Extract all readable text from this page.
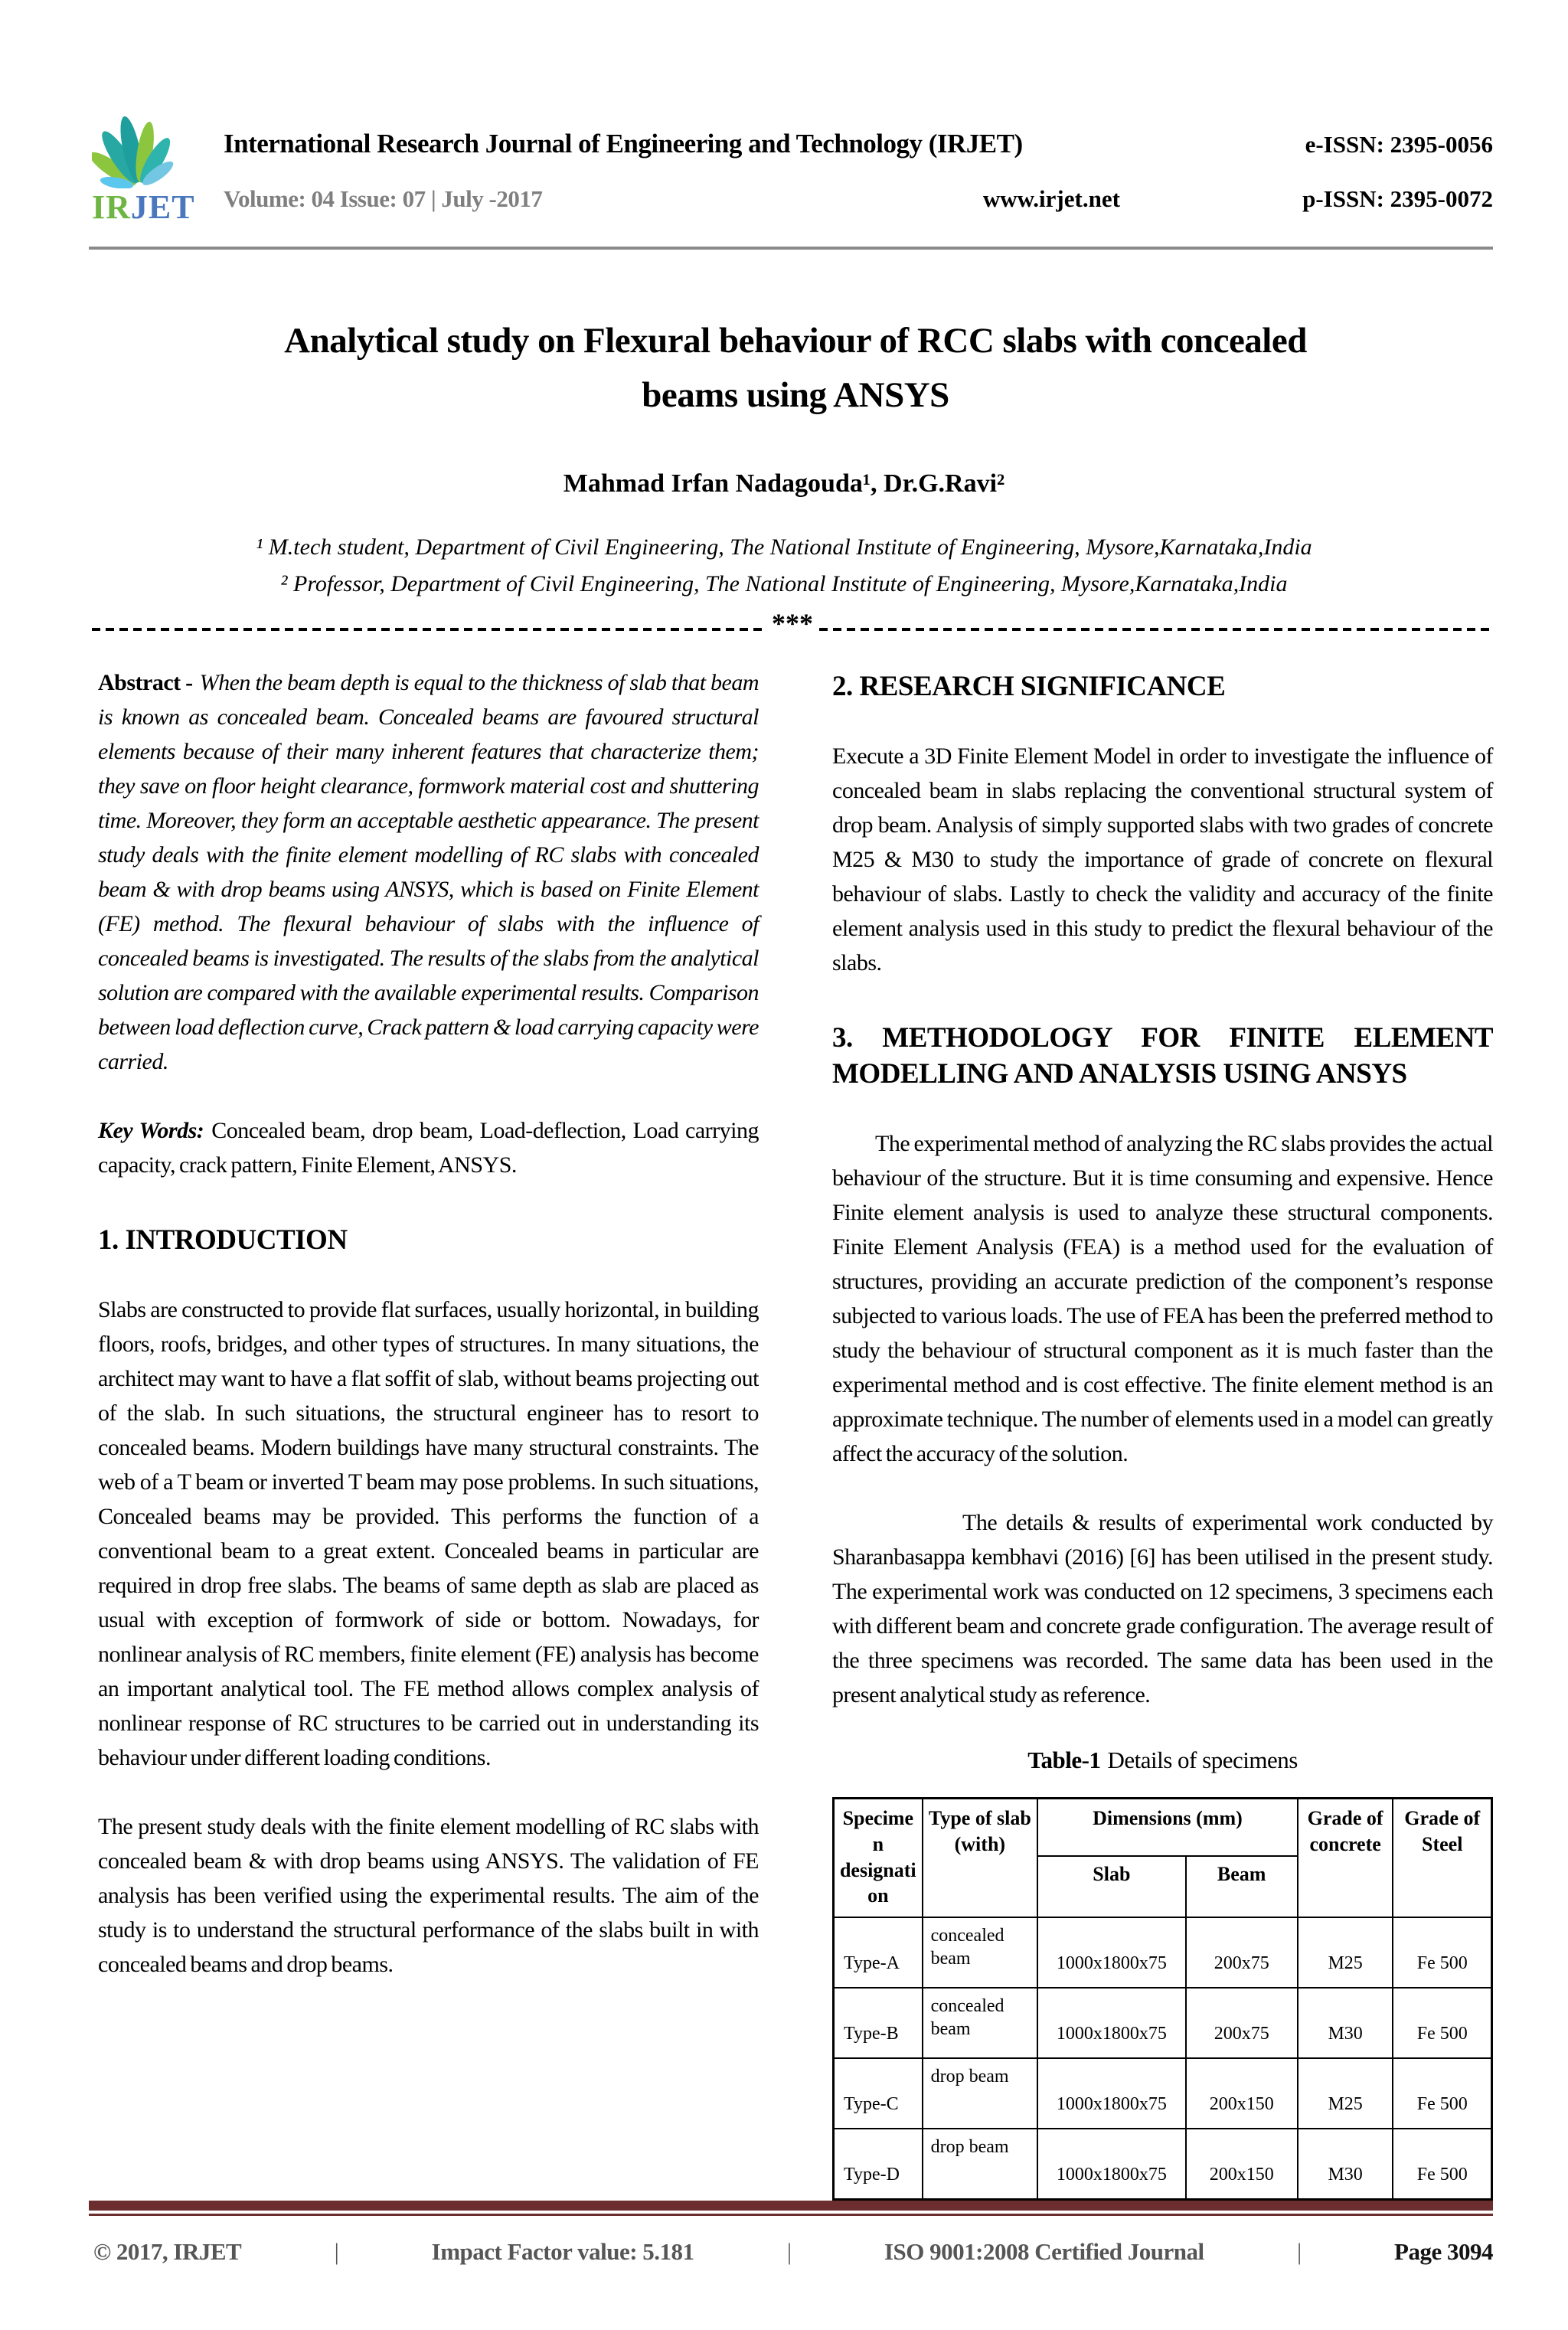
IRJET
International Research Journal of Engineering and Technology (IRJET)	e-ISSN: 2395-0056
Volume: 04 Issue: 07 | July -2017	www.irjet.net	p-ISSN: 2395-0072
Analytical study on Flexural behaviour of RCC slabs with concealed
beams using ANSYS
Mahmad Irfan Nadagouda¹, Dr.G.Ravi²
¹ M.tech student, Department of Civil Engineering, The National Institute of Engineering, Mysore,Karnataka,India
² Professor, Department of Civil Engineering, The National Institute of Engineering, Mysore,Karnataka,India
***

Abstract - When the beam depth is equal to the thickness of slab that beam is known as concealed beam. Concealed beams are favoured structural elements because of their many inherent features that characterize them; they save on floor height clearance, formwork material cost and shuttering time. Moreover, they form an acceptable aesthetic appearance. The present study deals with the finite element modelling of RC slabs with concealed beam & with drop beams using ANSYS, which is based on Finite Element (FE) method. The flexural behaviour of slabs with the influence of concealed beams is investigated. The results of the slabs from the analytical solution are compared with the available experimental results. Comparison between load deflection curve, Crack pattern & load carrying capacity were carried.

Key Words: Concealed beam, drop beam, Load-deflection, Load carrying capacity, crack pattern, Finite Element, ANSYS.

1. INTRODUCTION

Slabs are constructed to provide flat surfaces, usually horizontal, in building floors, roofs, bridges, and other types of structures. In many situations, the architect may want to have a flat soffit of slab, without beams projecting out of the slab. In such situations, the structural engineer has to resort to concealed beams. Modern buildings have many structural constraints. The web of a T beam or inverted T beam may pose problems. In such situations, Concealed beams may be provided. This performs the function of a conventional beam to a great extent. Concealed beams in particular are required in drop free slabs. The beams of same depth as slab are placed as usual with exception of formwork of side or bottom. Nowadays, for nonlinear analysis of RC members, finite element (FE) analysis has become an important analytical tool. The FE method allows complex analysis of nonlinear response of RC structures to be carried out in understanding its behaviour under different loading conditions.

The present study deals with the finite element modelling of RC slabs with concealed beam & with drop beams using ANSYS. The validation of FE analysis has been verified using the experimental results. The aim of the study is to understand the structural performance of the slabs built in with concealed beams and drop beams.

2. RESEARCH SIGNIFICANCE

Execute a 3D Finite Element Model in order to investigate the influence of concealed beam in slabs replacing the conventional structural system of drop beam. Analysis of simply supported slabs with two grades of concrete M25 & M30 to study the importance of grade of concrete on flexural behaviour of slabs. Lastly to check the validity and accuracy of the finite element analysis used in this study to predict the flexural behaviour of the slabs.

3. METHODOLOGY FOR FINITE ELEMENT MODELLING AND ANALYSIS USING ANSYS

The experimental method of analyzing the RC slabs provides the actual behaviour of the structure. But it is time consuming and expensive. Hence Finite element analysis is used to analyze these structural components. Finite Element Analysis (FEA) is a method used for the evaluation of structures, providing an accurate prediction of the component’s response subjected to various loads. The use of FEA has been the preferred method to study the behaviour of structural component as it is much faster than the experimental method and is cost effective. The finite element method is an approximate technique. The number of elements used in a model can greatly affect the accuracy of the solution.

The details & results of experimental work conducted by Sharanbasappa kembhavi (2016) [6] has been utilised in the present study. The experimental work was conducted on 12 specimens, 3 specimens each with different beam and concrete grade configuration. The average result of the three specimens was recorded. The same data has been used in the present analytical study as reference.

Table-1 Details of specimens
Specimen designation	Type of slab (with)	Dimensions (mm)		Grade of concrete	Grade of Steel
		Slab	Beam		
Type-A	concealed beam	1000x1800x75	200x75	M25	Fe 500
Type-B	concealed beam	1000x1800x75	200x75	M30	Fe 500
Type-C	drop beam	1000x1800x75	200x150	M25	Fe 500
Type-D	drop beam	1000x1800x75	200x150	M30	Fe 500
© 2017, IRJET	|	Impact Factor value: 5.181	|	ISO 9001:2008 Certified Journal	|	Page 3094
